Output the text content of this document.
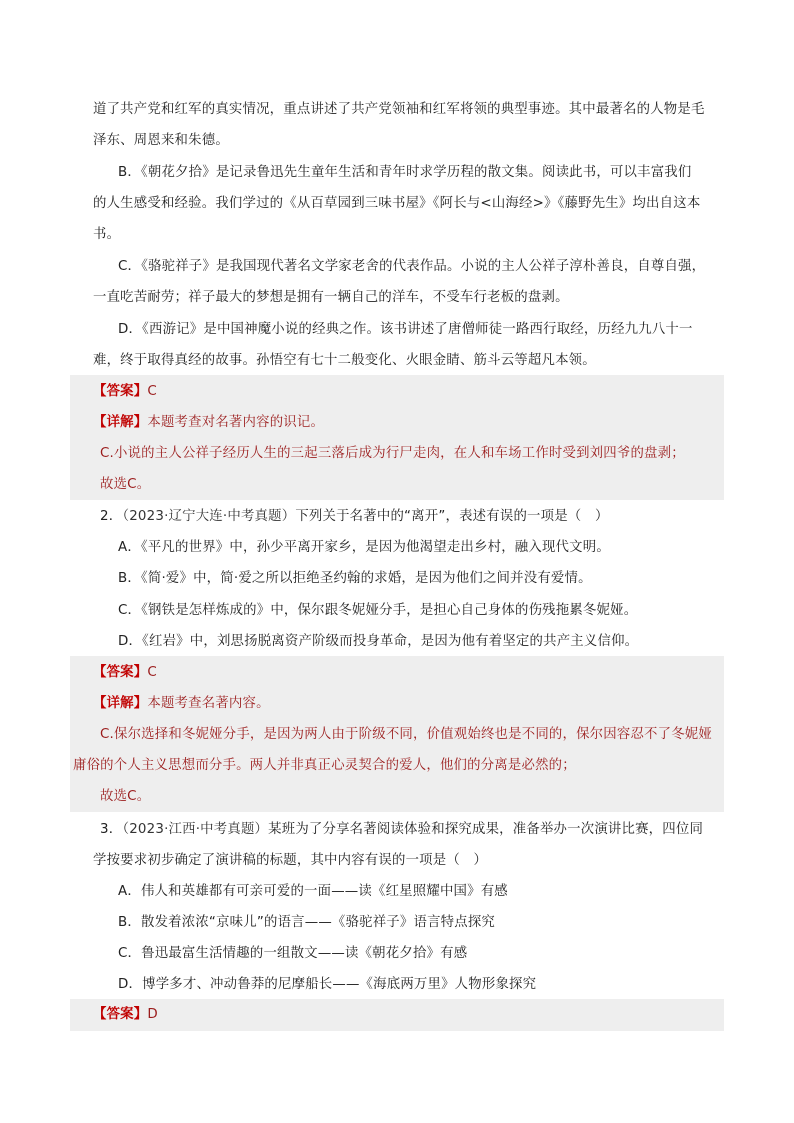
道了共产党和红军的真实情况，重点讲述了共产党领袖和红军将领的典型事迹。其中最著名的人物是毛
泽东、周恩来和朱德。
B．《朝花夕拾》是记录鲁迅先生童年生活和青年时求学历程的散文集。阅读此书，可以丰富我们
的人生感受和经验。我们学过的《从百草园到三味书屋》《阿长与<山海经>》《藤野先生》均出自这本
书。
C．《骆驼祥子》是我国现代著名文学家老舍的代表作品。小说的主人公祥子淳朴善良，自尊自强，
一直吃苦耐劳；祥子最大的梦想是拥有一辆自己的洋车，不受车行老板的盘剥。
D．《西游记》是中国神魔小说的经典之作。该书讲述了唐僧师徒一路西行取经，历经九九八十一
难，终于取得真经的故事。孙悟空有七十二般变化、火眼金睛、筋斗云等超凡本领。
【答案】C
【详解】本题考查对名著内容的识记。
C.小说的主人公祥子经历人生的三起三落后成为行尸走肉，在人和车场工作时受到刘四爷的盘剥；
故选C。
2．（2023·辽宁大连·中考真题）下列关于名著中的“离开”，表述有误的一项是（　）
A．《平凡的世界》中，孙少平离开家乡，是因为他渴望走出乡村，融入现代文明。
B．《简·爱》中，简·爱之所以拒绝圣约翰的求婚，是因为他们之间并没有爱情。
C．《钢铁是怎样炼成的》中，保尔跟冬妮娅分手，是担心自己身体的伤残拖累冬妮娅。
D．《红岩》中，刘思扬脱离资产阶级而投身革命，是因为他有着坚定的共产主义信仰。
【答案】C
【详解】本题考查名著内容。
C.保尔选择和冬妮娅分手，是因为两人由于阶级不同，价值观始终也是不同的，保尔因容忍不了冬妮娅
庸俗的个人主义思想而分手。两人并非真正心灵契合的爱人，他们的分离是必然的；
故选C。
3．（2023·江西·中考真题）某班为了分享名著阅读体验和探究成果，准备举办一次演讲比赛，四位同
学按要求初步确定了演讲稿的标题，其中内容有误的一项是（　）
A．伟人和英雄都有可亲可爱的一面——读《红星照耀中国》有感
B．散发着浓浓“京味儿”的语言——《骆驼祥子》语言特点探究
C．鲁迅最富生活情趣的一组散文——读《朝花夕拾》有感
D．博学多才、冲动鲁莽的尼摩船长——《海底两万里》人物形象探究
【答案】D
